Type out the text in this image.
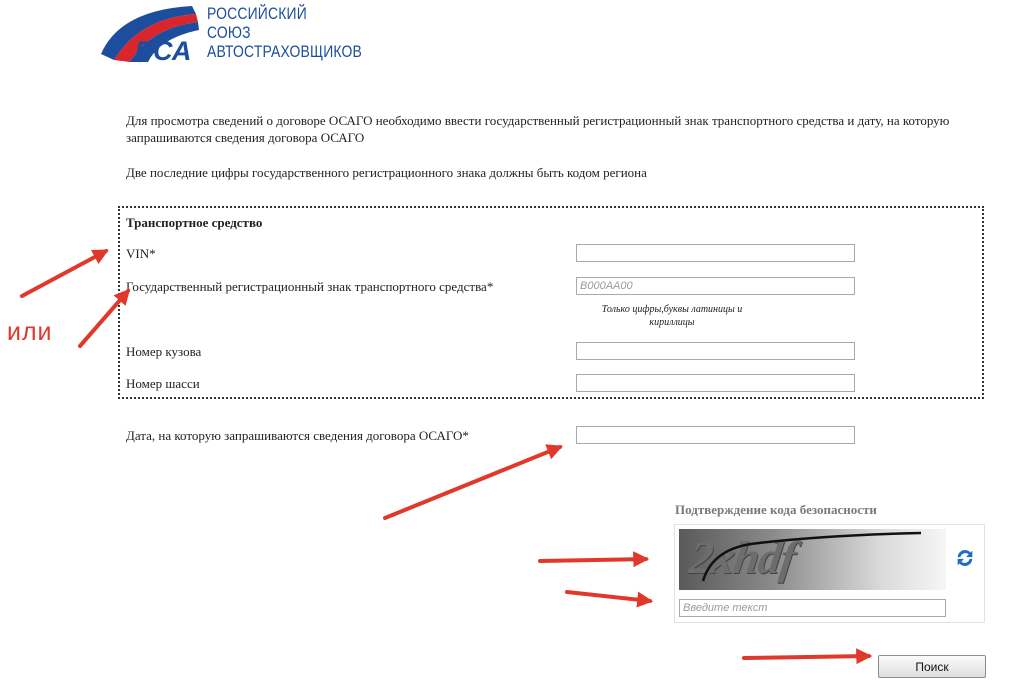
РСА
РОССИЙСКИЙ
СОЮЗ
АВТОСТРАХОВЩИКОВ
Для просмотра сведений о договоре ОСАГО необходимо ввести государственный регистрационный знак транспортного средства и дату, на которую запрашиваются сведения договора ОСАГО
Две последние цифры государственного регистрационного знака должны быть кодом региона
Транспортное средство
VIN*
Государственный регистрационный знак транспортного средства*
В000АА00
Только цифры,буквы латиницы и кириллицы
Номер кузова
Номер шасси
Дата, на которую запрашиваются сведения договора ОСАГО*
или
Подтверждение кода безопасности
2xhdf
Введите текст
Поиск
